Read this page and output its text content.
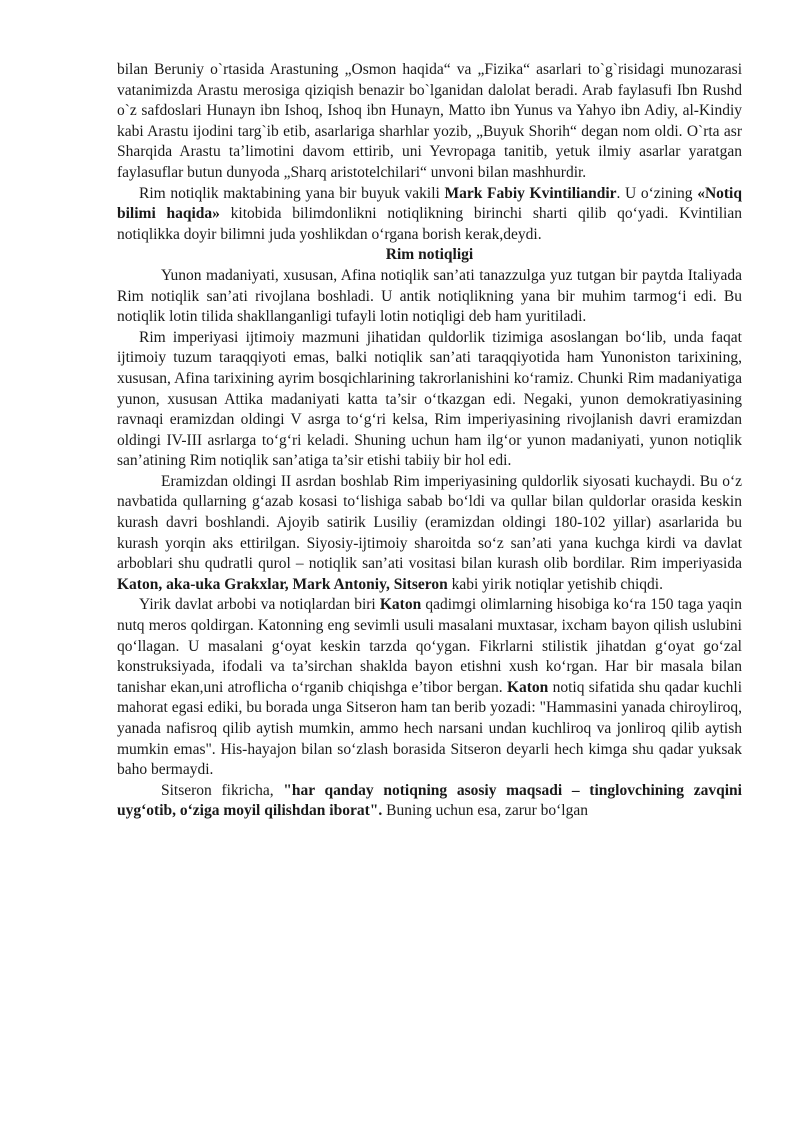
bilan Beruniy o`rtasida Arastuning „Osmon haqida“ va „Fizika“ asarlari to`g`risidagi munozarasi vatanimizda Arastu merosiga qiziqish benazir bo`lganidan dalolat beradi. Arab faylasufi Ibn Rushd o`z safdoslari Hunayn ibn Ishoq, Ishoq ibn Hunayn, Matto ibn Yunus va Yahyo ibn Adiy, al-Kindiy kabi Arastu ijodini targ`ib etib, asarlariga sharhlar yozib, „Buyuk Shorih“ degan nom oldi. O`rta asr Sharqida Arastu ta’limotini davom ettirib, uni Yevropaga tanitib, yetuk ilmiy asarlar yaratgan faylasuflar butun dunyoda „Sharq aristotelchilari“ unvoni bilan mashhurdir.

Rim notiqlik maktabining yana bir buyuk vakili Mark Fabiy Kvintiliandir. U o‘zining «Notiq bilimi haqida» kitobida bilimdonlikni notiqlikning birinchi sharti qilib qo‘yadi. Kvintilian notiqlikka doyir bilimni juda yoshlikdan o‘rgana borish kerak,deydi.

Rim notiqligi

Yunon madaniyati, xususan, Afina notiqlik san’ati tanazzulga yuz tutgan bir paytda Italiyada Rim notiqlik san’ati rivojlana boshladi. U antik notiqlikning yana bir muhim tarmog‘i edi. Bu notiqlik lotin tilida shakllanganligi tufayli lotin notiqligi deb ham yuritiladi.

Rim imperiyasi ijtimoiy mazmuni jihatidan quldorlik tizimiga asoslangan bo‘lib, unda faqat ijtimoiy tuzum taraqqiyoti emas, balki notiqlik san’ati taraqqiyotida ham Yunoniston tarixining, xususan, Afina tarixining ayrim bosqichlarining takrorlanishini ko‘ramiz. Chunki Rim madaniyatiga yunon, xususan Attika madaniyati katta ta’sir o‘tkazgan edi. Negaki, yunon demokratiyasining ravnaqi eramizdan oldingi V asrga to‘g‘ri kelsa, Rim imperiyasining rivojlanish davri eramizdan oldingi IV-III asrlarga to‘g‘ri keladi. Shuning uchun ham ilg‘or yunon madaniyati, yunon notiqlik san’atining Rim notiqlik san’atiga ta’sir etishi tabiiy bir hol edi.

Eramizdan oldingi II asrdan boshlab Rim imperiyasining quldorlik siyosati kuchaydi. Bu o‘z navbatida qullarning g‘azab kosasi to‘lishiga sabab bo‘ldi va qullar bilan quldorlar orasida keskin kurash davri boshlandi. Ajoyib satirik Lusiliy (eramizdan oldingi 180-102 yillar) asarlarida bu kurash yorqin aks ettirilgan. Siyosiy-ijtimoiy sharoitda so‘z san’ati yana kuchga kirdi va davlat arboblari shu qudratli qurol – notiqlik san’ati vositasi bilan kurash olib bordilar. Rim imperiyasida Katon, aka-uka Grakxlar, Mark Antoniy, Sitseron kabi yirik notiqlar yetishib chiqdi.

Yirik davlat arbobi va notiqlardan biri Katon qadimgi olimlarning hisobiga ko‘ra 150 taga yaqin nutq meros qoldirgan. Katonning eng sevimli usuli masalani muxtasar, ixcham bayon qilish uslubini qo‘llagan. U masalani g‘oyat keskin tarzda qo‘ygan. Fikrlarni stilistik jihatdan g‘oyat go‘zal konstruksiyada, ifodali va ta’sirchan shaklda bayon etishni xush ko‘rgan. Har bir masala bilan tanishar ekan,uni atroflicha o‘rganib chiqishga e’tibor bergan. Katon notiq sifatida shu qadar kuchli mahorat egasi ediki, bu borada unga Sitseron ham tan berib yozadi: "Hammasini yanada chiroyliroq, yanada nafisroq qilib aytish mumkin, ammo hech narsani undan kuchliroq va jonliroq qilib aytish mumkin emas". His-hayajon bilan so‘zlash borasida Sitseron deyarli hech kimga shu qadar yuksak baho bermaydi.

Sitseron fikricha, "har qanday notiqning asosiy maqsadi – tinglovchining zavqini uyg‘otib, o‘ziga moyil qilishdan iborat". Buning uchun esa, zarur bo‘lgan
